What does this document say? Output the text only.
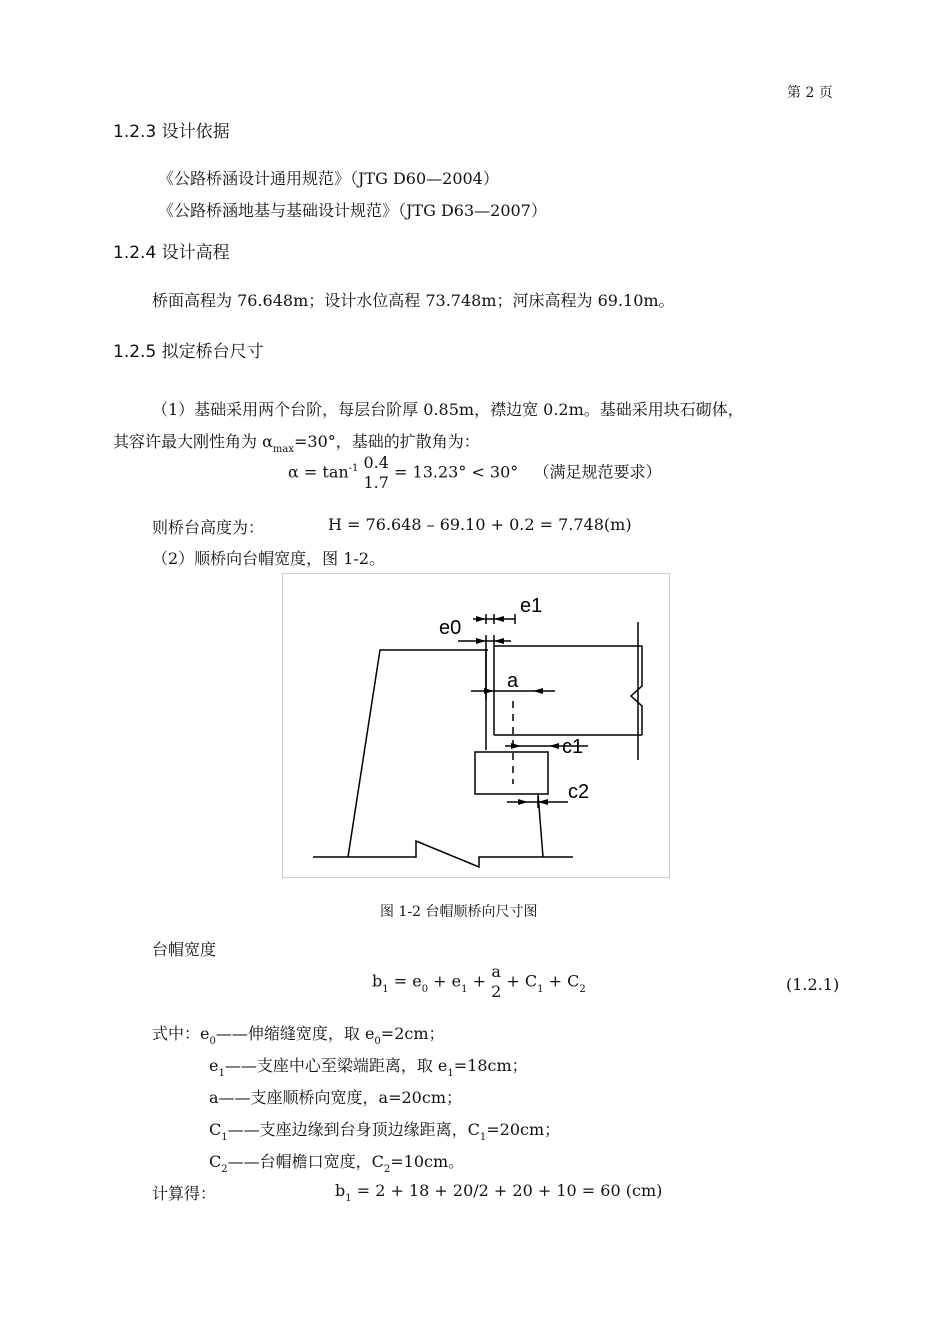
第 2 页
1.2.3 设计依据
《公路桥涵设计通用规范》（JTG D60—2004）
《公路桥涵地基与基础设计规范》（JTG D63—2007）
1.2.4 设计高程
桥面高程为 76.648m；设计水位高程 73.748m；河床高程为 69.10m。
1.2.5 拟定桥台尺寸
（1）基础采用两个台阶，每层台阶厚 0.85m，襟边宽 0.2m。基础采用块石砌体，
其容许最大刚性角为 $\alpha_{max}=30^\circ$，基础的扩散角为：
$\alpha = \tan^{-1} 0.4$
1.7
= 13.23° < 30° （满足规范要求）
则桥台高度为：	H = 76.648 – 69.10 + 0.2 = 7.748(m)
（2）顺桥向台帽宽度，图 1-2。
e1
e0
a
c1
c2
图 1-2 台帽顺桥向尺寸图
台帽宽度
$b_1 = e_0 + e_1 + a$
2
+ $C_1 + C_2$	(1.2.1)
式中：$e_0——$伸缩缝宽度，取 $e_0=2cm$；
$e_1——$支座中心至梁端距离，取 $e_1=18cm$；
a——支座顺桥向宽度，a=20cm；
$C_1——$支座边缘到台身顶边缘距离，$C_1=20cm$；
$C_2——$台帽檐口宽度，$C_2=10cm$。
计算得：	$b_1 = 2 + 18 + 20/2 + 20 + 10 = 60$ (cm)
